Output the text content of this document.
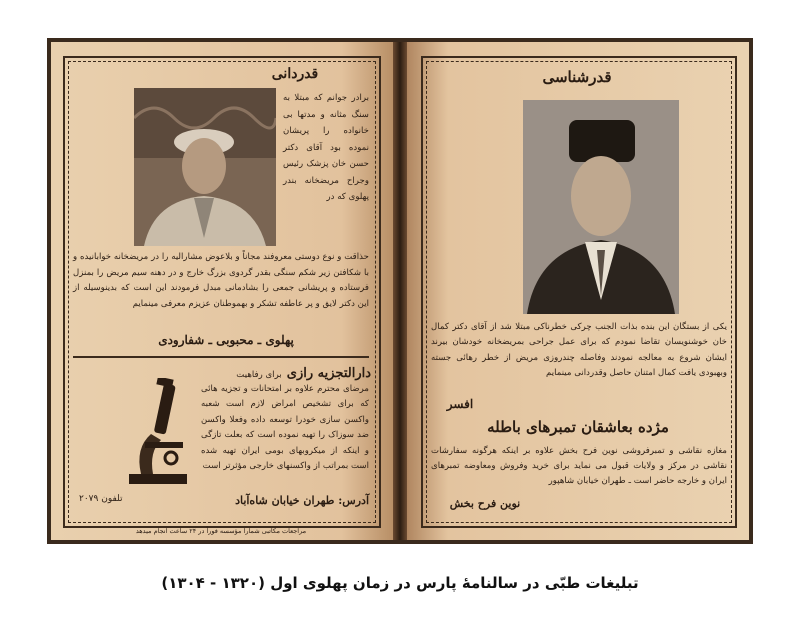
قدردانی
برادر جوانم که مبتلا به سنگ مثانه و مدتها بی خانواده را پریشان نموده بود آقای دکتر حسن خان پزشک رئیس وجراح مریضخانه بندر پهلوی که در
حذاقت و نوع دوستی معروفند مجاناً و بلاعوض مشارالیه را در مریضخانه خوابانیده و با شکافتن زیر شکم سنگی بقدر گردوی بزرگ خارج و در دهنه سیم مریض را بمنزل فرستاده و پریشانی جمعی را بشادمانی مبدل فرمودند این است که بدینوسیله از این دکتر لایق و پر عاطفه تشکر و بهموطنان عزیزم معرفی مینمایم
پهلوی ـ محبوبی ـ شفارودی
دارالتجزیه رازی برای رفاهیت
مرضای محترم علاوه بر امتحانات و تجزیه هائی که برای تشخیص امراض لازم است شعبه واکسن سازی خودرا توسعه داده وفعلا واکسن ضد سوزاک را تهیه نموده است که بعلت تازگی و اینکه از میکروبهای بومی ایران تهیه شده است بمراتب از واکسنهای خارجی مؤثرتر است
آدرس: طهران خیابان شاه‌آباد
تلفون ۲۰۷۹
مراجعات مکاتبی شمارا مؤسسه فوراً در ۲۴ ساعت انجام میدهد
قدرشناسی
یکی از بستگان این بنده بذات الجنب چرکی خطرناکی مبتلا شد از آقای دکتر کمال خان خوشنویسان تقاضا نمودم که برای عمل جراحی بمریضخانه خودشان بیرند ایشان شروع به معالجه نمودند وفاصله چندروزی مریض از خطر رهائی جسته وبهبودی یافت کمال امتنان حاصل وقدردانی مینمایم
افسر
مژده بعاشقان تمبرهای باطله
مغازه نقاشی و تمبرفروشی نوین فرح بخش علاوه بر اینکه هرگونه سفارشات نقاشی در مرکز و ولایات قبول می نماید برای خرید وفروش ومعاوضه تمبرهای ایران و خارجه حاضر است ـ طهران خیابان شاهپور
نوین فرح بخش
تبلیغات طبّی در سالنامهٔ پارس در زمان پهلوی اول (۱۳۲۰ - ۱۳۰۴)
